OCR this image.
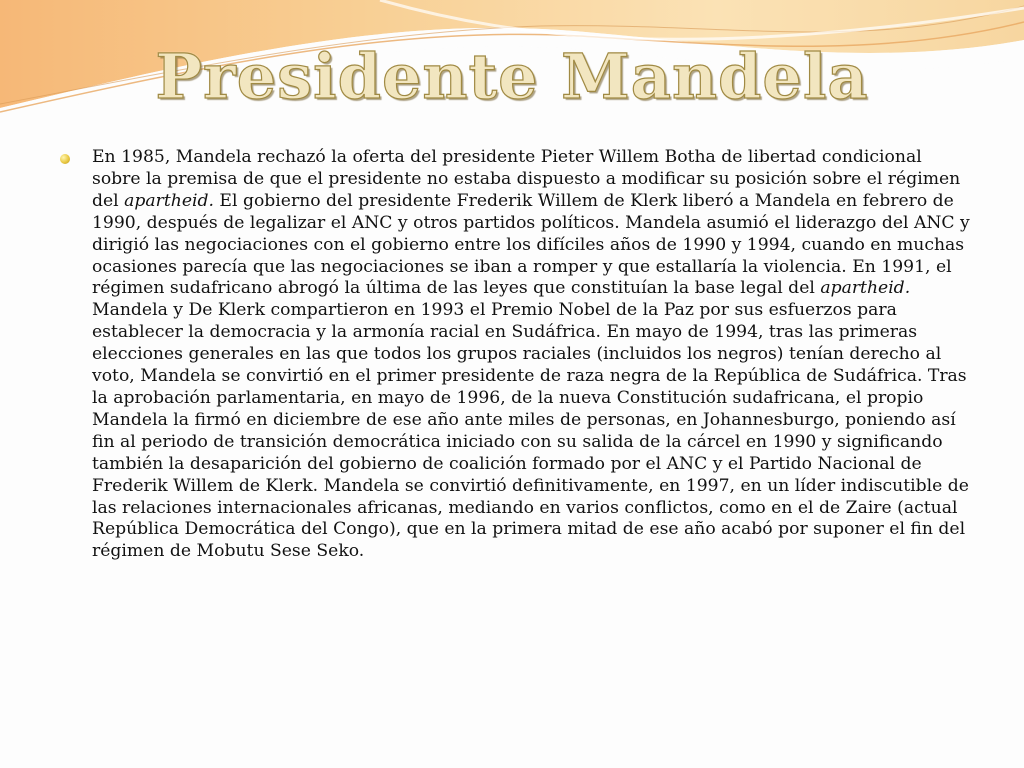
Presidente Mandela

En 1985, Mandela rechazó la oferta del presidente Pieter Willem Botha de libertad condicional sobre la premisa de que el presidente no estaba dispuesto a modificar su posición sobre el régimen del apartheid. El gobierno del presidente Frederik Willem de Klerk liberó a Mandela en febrero de 1990, después de legalizar el ANC y otros partidos políticos. Mandela asumió el liderazgo del ANC y dirigió las negociaciones con el gobierno entre los difíciles años de 1990 y 1994, cuando en muchas ocasiones parecía que las negociaciones se iban a romper y que estallaría la violencia. En 1991, el régimen sudafricano abrogó la última de las leyes que constituían la base legal del apartheid. Mandela y De Klerk compartieron en 1993 el Premio Nobel de la Paz por sus esfuerzos para establecer la democracia y la armonía racial en Sudáfrica. En mayo de 1994, tras las primeras elecciones generales en las que todos los grupos raciales (incluidos los negros) tenían derecho al voto, Mandela se convirtió en el primer presidente de raza negra de la República de Sudáfrica. Tras la aprobación parlamentaria, en mayo de 1996, de la nueva Constitución sudafricana, el propio Mandela la firmó en diciembre de ese año ante miles de personas, en Johannesburgo, poniendo así fin al periodo de transición democrática iniciado con su salida de la cárcel en 1990 y significando también la desaparición del gobierno de coalición formado por el ANC y el Partido Nacional de Frederik Willem de Klerk. Mandela se convirtió definitivamente, en 1997, en un líder indiscutible de las relaciones internacionales africanas, mediando en varios conflictos, como en el de Zaire (actual República Democrática del Congo), que en la primera mitad de ese año acabó por suponer el fin del régimen de Mobutu Sese Seko.
